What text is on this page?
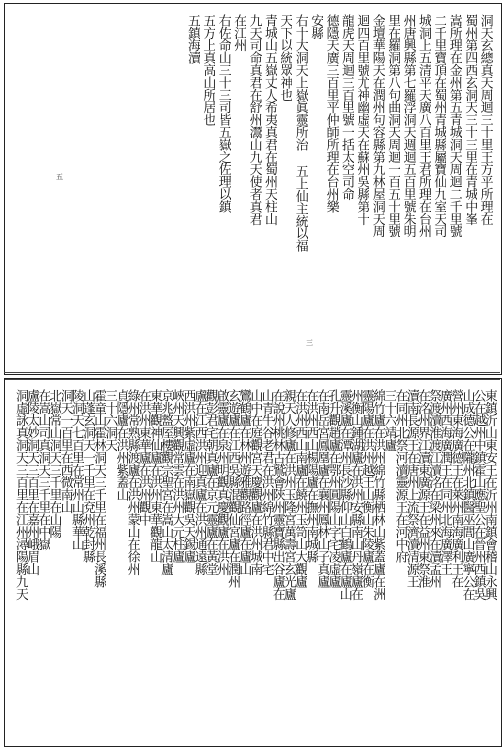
洞天玄總真天周迴三十里王方平所理在
蜀州第四西玄洞天三十三里在青城中峯
嵩所理在金州第五青城洞天周迴二千里號
二千里寶頂在蜀州青城縣屬寶仙九室天司
城洞上五清平天廣八百里王君所理在台州
州唐興縣第七羅浮洞天週迴五百里號朱明
里在羅洞第八句曲洞天周迴一百五十里號
金壇華陽天在潤州句容縣第九林屋洞天周
迴四百里號尤神幽虛天在蘇州吳縣第十
龍虎天周迴三百里號一括太空司命
德隱天廣三百里平仲師所理在台州樂
安縣
右十大洞天上嶽眞靈所治 五上仙主統以福
天下以統眾神也
青城山五嶽丈人希夷真君在蜀州天柱山
九天司命真君在舒州灊山九天使者真君
在江州
右佐命山三十三司皆五嶽之佐理以鎮
五方上真高山所居也
五鎮海瀆
東鎮沂山東安王在沂州南鎮會稽山永興
公在越州中鎮霍山應聖公在晉州西鎮吳
山成德公在隴州北鎮醫巫閭山廣寧公在
營州東海廣德王在萊州南海廣利王在
廣州西海廣潤王在同州北海廣澤王
祭渡瀆淮渡江瀆洺在梁州來在瀆孟州
在洺州界江瀆東廣源王在益州東祭淮
瀆南長源王在唐州上流祭濟瀆清源王
在同州北祭河瀆靈源王在河中府
三十六靖廬
綿竹廬在洪州綿竹縣栖林山紫蓋廬在洲
靈陽廬在洪州越王山衡山朱陵廬在衡
州衡山鍾湖廬在洪州安縣南山丹嶺廬在
靈溪廬在潭州長沙縣仰山白鶴廬在廬山
孔升觀趙廬在鄂州圓陽山字宅凌虛廬
在南岳宮鳳凰廬在襄州鳳林山子真廬
在洪州西山楊陽廬在撫州南城縣
在洪州西山南廬在饒州玉笥山大觀廬
親天人修廬在洪州玉隆宮萬壽宮玄光廬
在說州桃林古鷲會陝州靈寶縣出谷廬在
山青牛谷老君在洪州綿竹縣君中宅
山中在庭觀宮天慶觀廬在洪州城南
鸞鶴廬在林州遊雅觀路徑廬在廬山
玄遊廬在江西吳縣混觀仙宮廬在潤州
啟靈廬在泉州明觀真慶觀廬在洪州
觀彭君宅朝真廬在京元靈廬在黃堂
盧在江西洪州迎真廬在洪州通遠縣
西洪州紫虛廬在南嶽觀吳天錫廬
峽州天興觀常雲在洪州大元柱廬
京兆盩厔樓觀宗聖宮在嵩山太清廬
東華觀神仙廬在洪州東華觀龍山
在洪州東華廬在洪州觀中
綠州常熟縣渡廬在洪州蒙山在徐州
貞隱廬在洪州紫蓋山
三十六洞天
霍童山霍林洞天三千里在福州長溪縣
山蓬玄洞天一千里在兗州乾封縣
陵洞天七百里在常州山縣華山
洞天一百里在西微南山
北嶽常山洞天三千里在山陽
在嵩山司真洞天三千里在中嶽
盧陵太妙洞天三百里在嘉州峨眉山
洞虛詠真洞天三百里在江州潯陽縣九天
五
三
